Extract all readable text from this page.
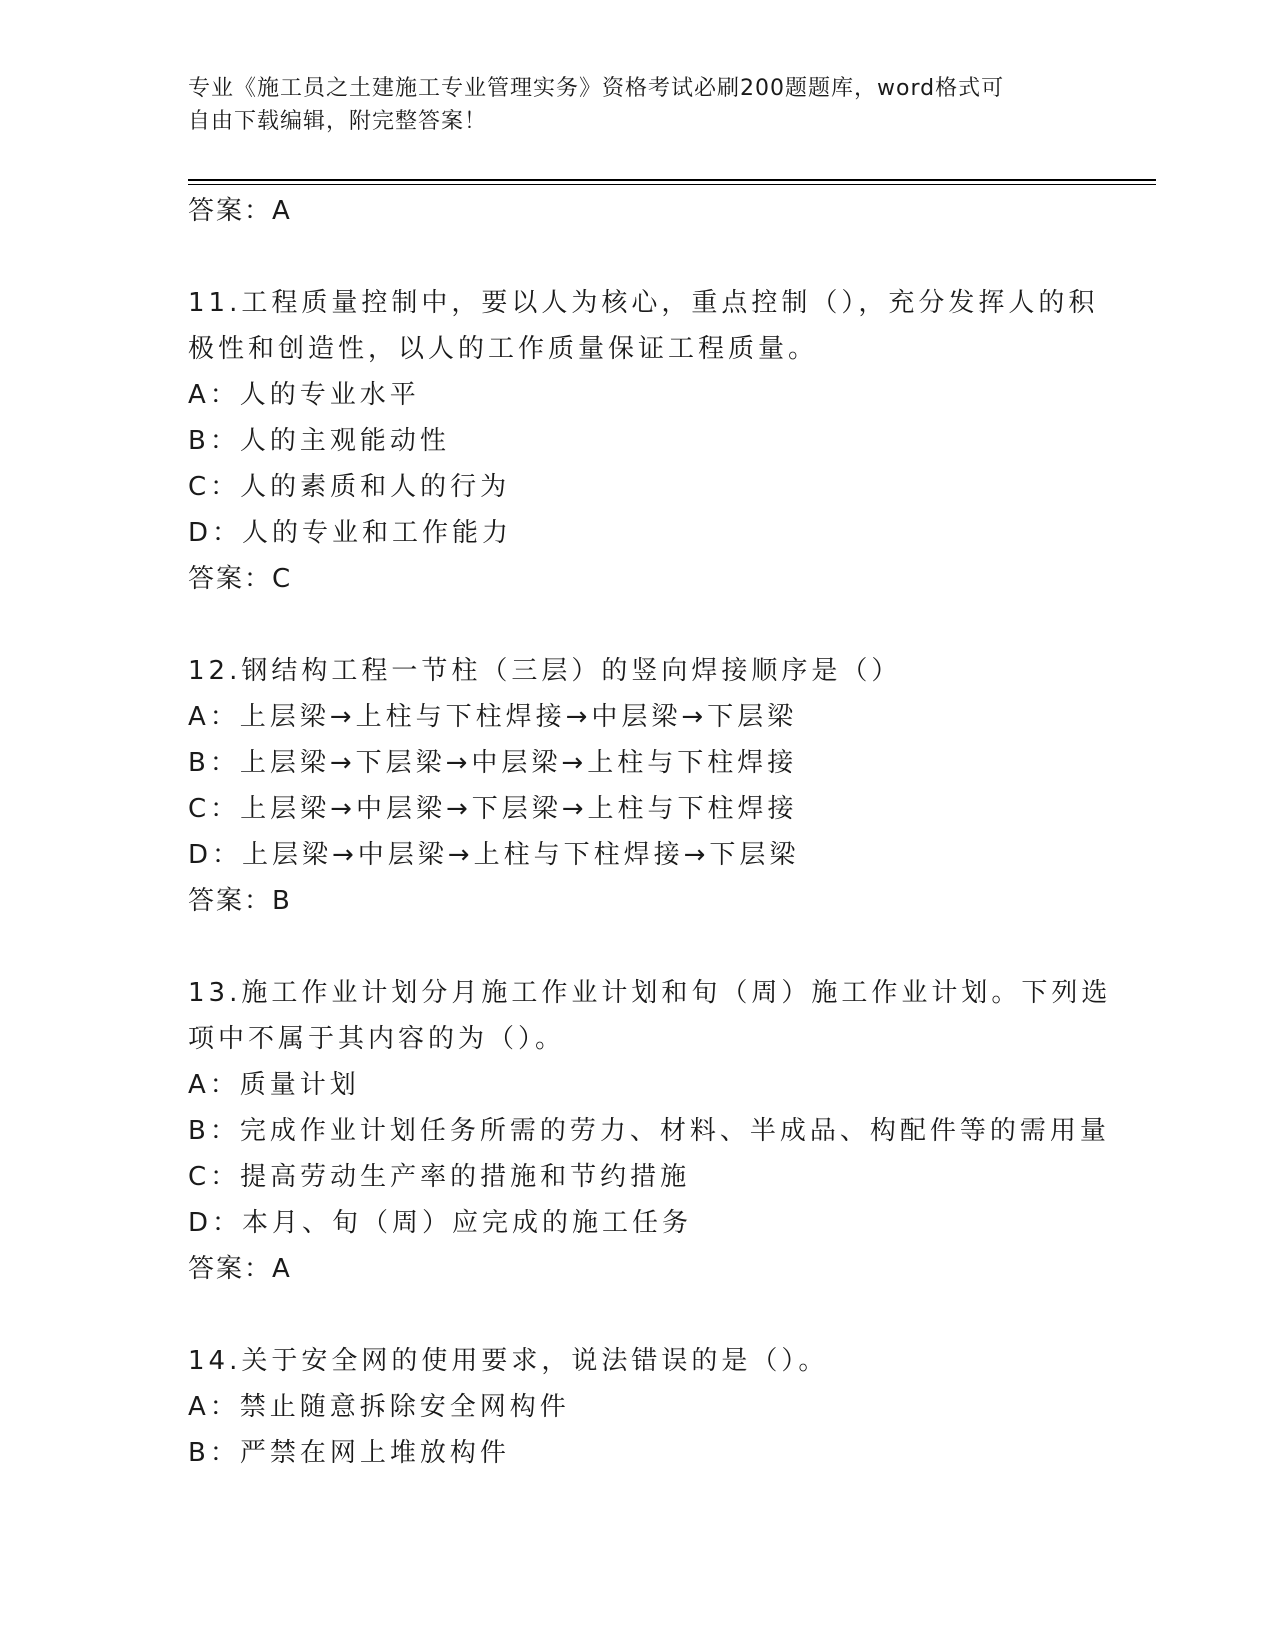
专业《施工员之土建施工专业管理实务》资格考试必刷200题题库，word格式可
自由下载编辑，附完整答案！
答案：A
11.工程质量控制中，要以人为核心，重点控制（），充分发挥人的积
极性和创造性，以人的工作质量保证工程质量。
A：人的专业水平
B：人的主观能动性
C：人的素质和人的行为
D：人的专业和工作能力
答案：C
12.钢结构工程一节柱（三层）的竖向焊接顺序是（）
A：上层梁→上柱与下柱焊接→中层梁→下层梁
B：上层梁→下层梁→中层梁→上柱与下柱焊接
C：上层梁→中层梁→下层梁→上柱与下柱焊接
D：上层梁→中层梁→上柱与下柱焊接→下层梁
答案：B
13.施工作业计划分月施工作业计划和旬（周）施工作业计划。下列选
项中不属于其内容的为（）。
A：质量计划
B：完成作业计划任务所需的劳力、材料、半成品、构配件等的需用量
C：提高劳动生产率的措施和节约措施
D：本月、旬（周）应完成的施工任务
答案：A
14.关于安全网的使用要求，说法错误的是（）。
A：禁止随意拆除安全网构件
B：严禁在网上堆放构件
